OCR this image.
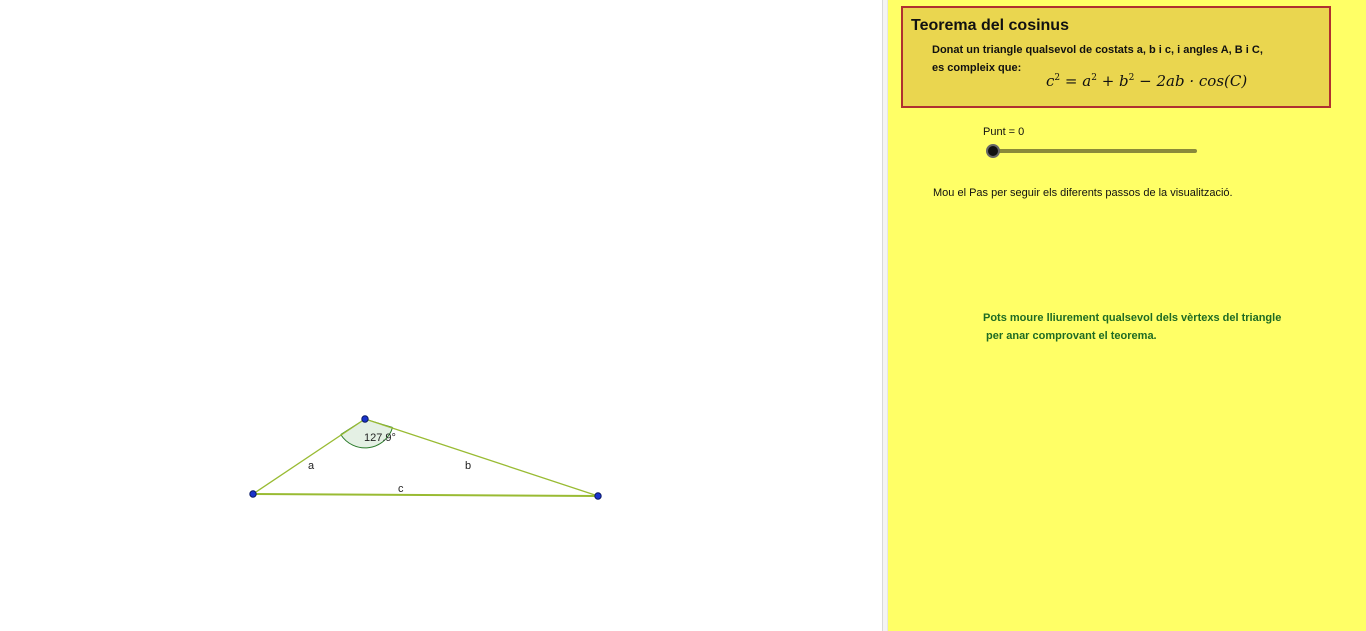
127.9°
a	b
c
Teorema del cosinus
Donat un triangle qualsevol de costats a, b i c, i angles A, B i C,
es compleix que:
$c^2 = a^2 + b^2 - 2ab \cdot \cos(C)$
Punt = 0
Mou el Pas per seguir els diferents passos de la visualització.
Pots moure lliurement qualsevol dels vèrtexs del triangle
per anar comprovant el teorema.
